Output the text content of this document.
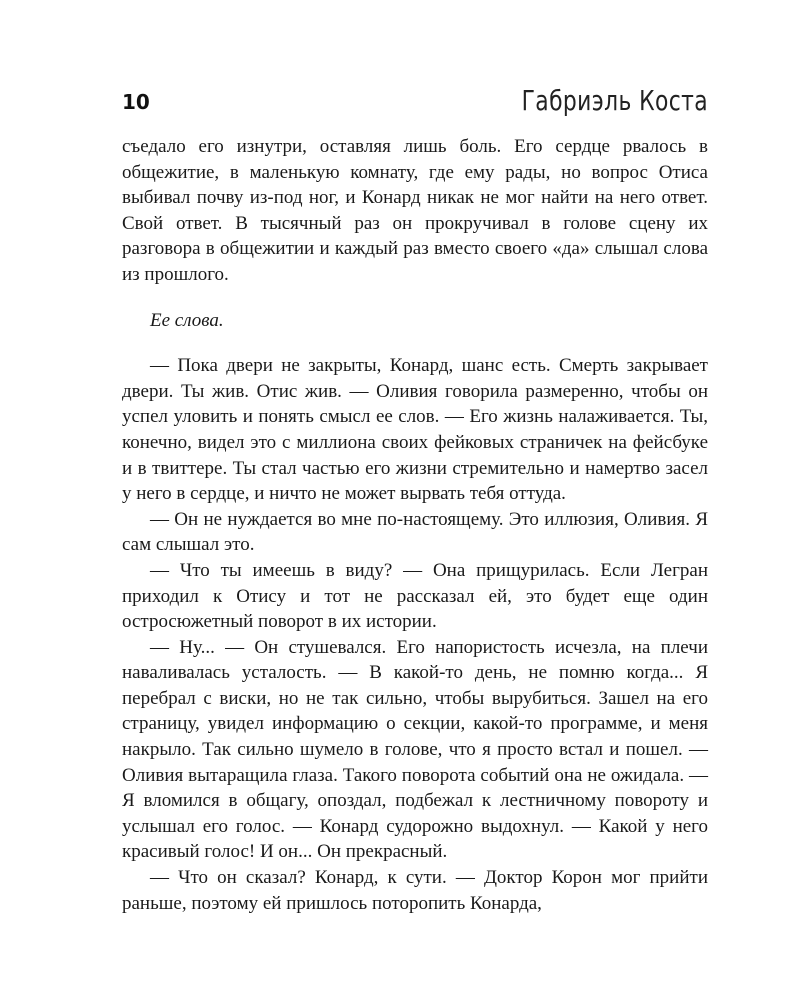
10	Габриэль Коста

съедало его изнутри, оставляя лишь боль. Его сердце рвалось в общежитие, в маленькую комнату, где ему рады, но вопрос Отиса выбивал почву из-под ног, и Конард никак не мог найти на него ответ. Свой ответ. В тысячный раз он прокручивал в голове сцену их разговора в общежитии и каждый раз вместо своего «да» слышал слова из прошлого.

Ее слова.

— Пока двери не закрыты, Конард, шанс есть. Смерть закрывает двери. Ты жив. Отис жив. — Оливия говорила размеренно, чтобы он успел уловить и понять смысл ее слов. — Его жизнь налаживается. Ты, конечно, видел это с миллиона своих фейковых страничек на фейсбуке и в твиттере. Ты стал частью его жизни стремительно и намертво засел у него в сердце, и ничто не может вырвать тебя оттуда.

— Он не нуждается во мне по-настоящему. Это иллюзия, Оливия. Я сам слышал это.

— Что ты имеешь в виду? — Она прищурилась. Если Легран приходил к Отису и тот не рассказал ей, это будет еще один остросюжетный поворот в их истории.

— Ну... — Он стушевался. Его напористость исчезла, на плечи наваливалась усталость. — В какой-то день, не помню когда... Я перебрал с виски, но не так сильно, чтобы вырубиться. Зашел на его страницу, увидел информацию о секции, какой-то программе, и меня накрыло. Так сильно шумело в голове, что я просто встал и пошел. — Оливия вытаращила глаза. Такого поворота событий она не ожидала. — Я вломился в общагу, опоздал, подбежал к лестничному повороту и услышал его голос. — Конард судорожно выдохнул. — Какой у него красивый голос! И он... Он прекрасный.

— Что он сказал? Конард, к сути. — Доктор Корон мог прийти раньше, поэтому ей пришлось поторопить Конарда,
